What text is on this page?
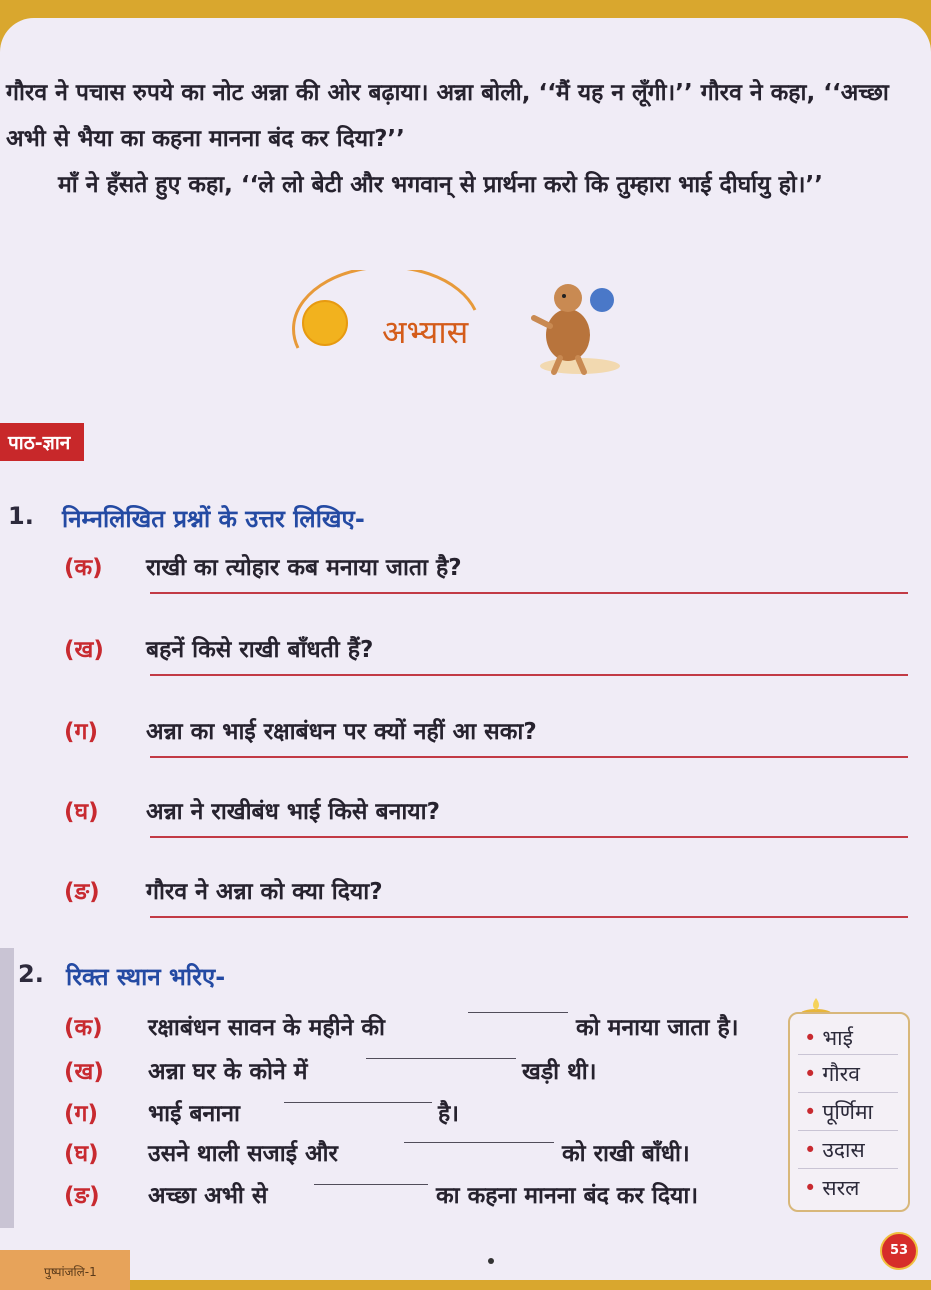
गौरव ने पचास रुपये का नोट अन्ना की ओर बढ़ाया। अन्ना बोली, ‘‘मैं यह न लूँगी।’’ गौरव ने कहा, ‘‘अच्छा अभी से भैया का कहना मानना बंद कर दिया?’’

माँ ने हँसते हुए कहा, ‘‘ले लो बेटी और भगवान् से प्रार्थना करो कि तुम्हारा भाई दीर्घायु हो।’’

अभ्यास
पाठ-ज्ञान
1. निम्नलिखित प्रश्नों के उत्तर लिखिए-
(क) राखी का त्योहार कब मनाया जाता है?
(ख) बहनें किसे राखी बाँधती हैं?
(ग) अन्ना का भाई रक्षाबंधन पर क्यों नहीं आ सका?
(घ) अन्ना ने राखीबंध भाई किसे बनाया?
(ङ) गौरव ने अन्ना को क्या दिया?
2. रिक्त स्थान भरिए-
(क) रक्षाबंधन सावन के महीने की	को मनाया जाता है।
(ख) अन्ना घर के कोने में	खड़ी थी।
(ग) भाई बनाना	है।
(घ) उसने थाली सजाई और	को राखी बाँधी।
(ङ) अच्छा अभी से	का कहना मानना बंद कर दिया।
• भाई
• गौरव
• पूर्णिमा
• उदास
• सरल
पुष्पांजलि-1
53
